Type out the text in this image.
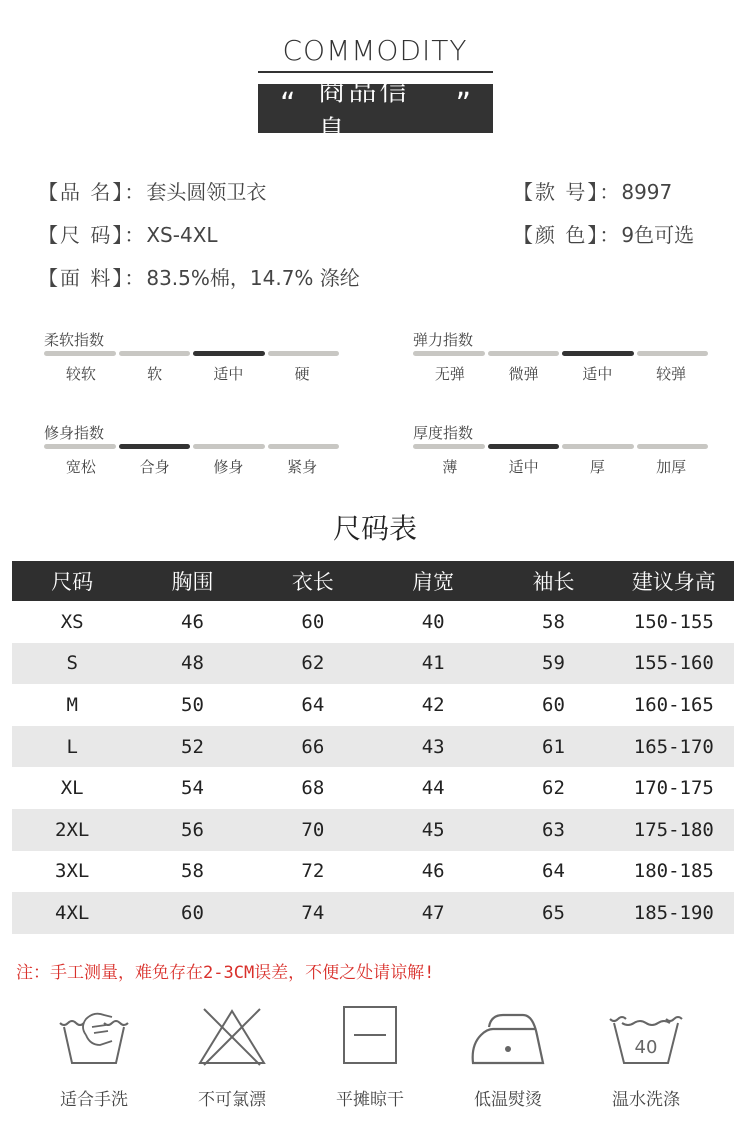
COMMODITY
“ 商品信息
”
【品 名】：套头圆领卫衣	【款 号】：8997
【尺 码】：XS-4XL	【颜 色】：9色可选
【面 料】：83.5%棉，14.7% 涤纶
柔软指数
较软	软	适中	硬
弹力指数
无弹	微弹	适中	较弹
修身指数
宽松	合身	修身	紧身
厚度指数
薄	适中	厚	加厚
尺码表
尺码	胸围	衣长	肩宽	袖长	建议身高
XS	46	60	40	58	150-155
S	48	62	41	59	155-160
M	50	64	42	60	160-165
L	52	66	43	61	165-170
XL	54	68	44	62	170-175
2XL	56	70	45	63	175-180
3XL	58	72	46	64	180-185
4XL	60	74	47	65	185-190
注：手工测量，难免存在2-3CM误差，不便之处请谅解!
适合手洗	不可氯漂	平摊晾干	低温熨烫
40
温水洗涤
